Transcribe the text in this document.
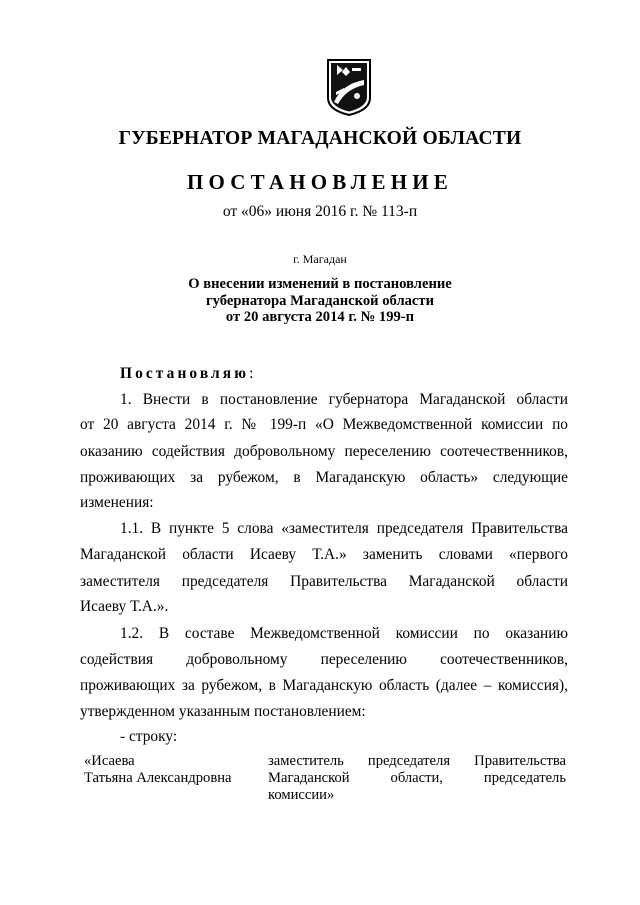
ГУБЕРНАТОР МАГАДАНСКОЙ ОБЛАСТИ
ПОСТАНОВЛЕНИЕ
от «06» июня 2016 г. № 113-п
г. Магадан
О внесении изменений в постановление
губернатора Магаданской области
от 20 августа 2014 г. № 199-п
Постановляю:
1. Внести в постановление губернатора Магаданской области
от 20 августа 2014 г. № 199-п «О Межведомственной комиссии по
оказанию содействия добровольному переселению соотечественников,
проживающих за рубежом, в Магаданскую область» следующие
изменения:
1.1. В пункте 5 слова «заместителя председателя Правительства
Магаданской области Исаеву Т.А.» заменить словами «первого
заместителя председателя Правительства Магаданской области
Исаеву Т.А.».
1.2. В составе Межведомственной комиссии по оказанию
содействия добровольному переселению соотечественников,
проживающих за рубежом, в Магаданскую область (далее – комиссия),
утвержденном указанным постановлением:
- строку:
«Исаева
Татьяна Александровна
заместитель председателя Правительства
Магаданской области, председатель
комиссии»
